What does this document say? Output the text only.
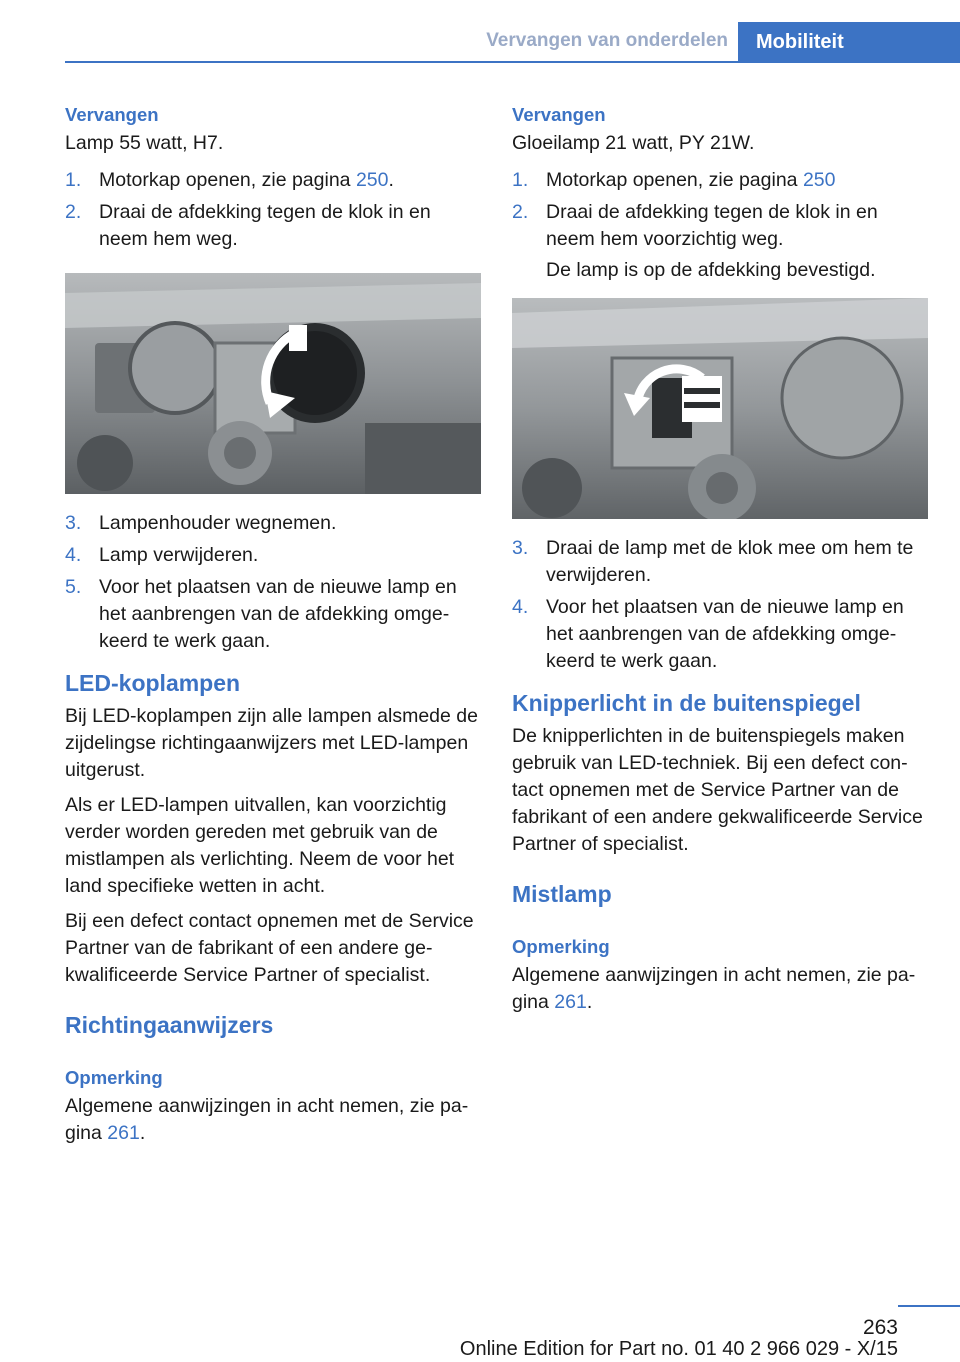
Vervangen van onderdelen	Mobiliteit
Vervangen

Lamp 55 watt, H7.

1. Motorkap openen, zie pagina 250.
2. Draai de afdekking tegen de klok in en neem hem weg.
3. Lampenhouder wegnemen.
4. Lamp verwijderen.
5. Voor het plaatsen van de nieuwe lamp en het aanbrengen van de afdekking omgekeerd te werk gaan.
LED-koplampen

Bij LED-koplampen zijn alle lampen alsmede de zijdelingse richtingaanwijzers met LED-lampen uitgerust.

Als er LED-lampen uitvallen, kan voorzichtig verder worden gereden met gebruik van de mistlampen als verlichting. Neem de voor het land specifieke wetten in acht.

Bij een defect contact opnemen met de Service Partner van de fabrikant of een andere gekwalificeerde Service Partner of specialist.

Richtingaanwijzers
Opmerking

Algemene aanwijzingen in acht nemen, zie pagina 261.

Vervangen

Gloeilamp 21 watt, PY 21W.

1. Motorkap openen, zie pagina 250
2. Draai de afdekking tegen de klok in en neem hem voorzichtig weg.
De lamp is op de afdekking bevestigd.
3. Draai de lamp met de klok mee om hem te verwijderen.
4. Voor het plaatsen van de nieuwe lamp en het aanbrengen van de afdekking omgekeerd te werk gaan.
Knipperlicht in de buitenspiegel

De knipperlichten in de buitenspiegels maken gebruik van LED-techniek. Bij een defect contact opnemen met de Service Partner van de fabrikant of een andere gekwalificeerde Service Partner of specialist.

Mistlamp
Opmerking

Algemene aanwijzingen in acht nemen, zie pagina 261.

263
Online Edition for Part no. 01 40 2 966 029 - X/15
